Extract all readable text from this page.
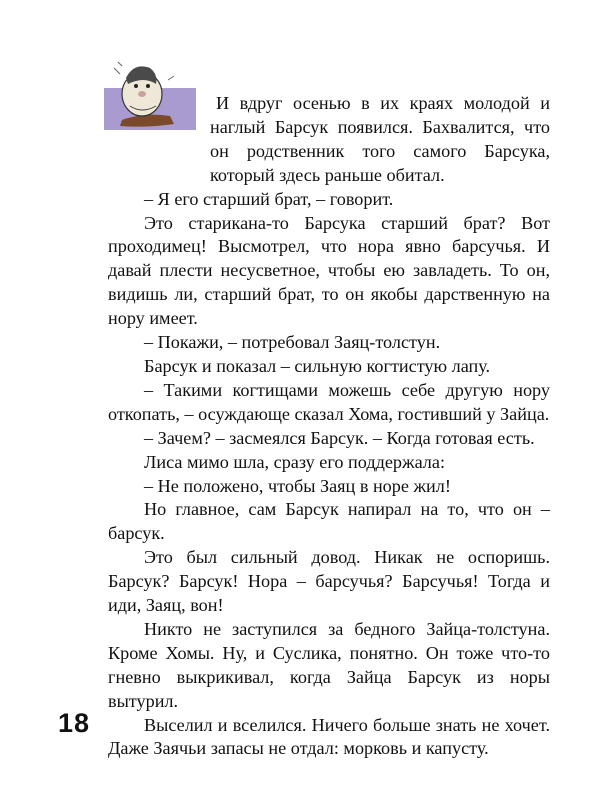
И вдруг осенью в их краях молодой и наглый Барсук появился. Бахвалится, что он родственник того самого Барсука, который здесь раньше обитал.

– Я его старший брат, – говорит.

Это старикана-то Барсука старший брат? Вот проходимец! Высмотрел, что нора явно барсучья. И давай плести несусветное, чтобы ею завладеть. То он, видишь ли, старший брат, то он якобы дарственную на нору имеет.

– Покажи, – потребовал Заяц-толстун.

Барсук и показал – сильную когтистую лапу.

– Такими когтищами можешь себе другую нору откопать, – осуждающе сказал Хома, гостивший у Зайца.

– Зачем? – засмеялся Барсук. – Когда готовая есть.

Лиса мимо шла, сразу его поддержала:

– Не положено, чтобы Заяц в норе жил!

Но главное, сам Барсук напирал на то, что он – барсук.

Это был сильный довод. Никак не оспоришь. Барсук? Барсук! Нора – барсучья? Барсучья! Тогда и иди, Заяц, вон!

Никто не заступился за бедного Зайца-толстуна. Кроме Хомы. Ну, и Суслика, понятно. Он тоже что-то гневно выкрикивал, когда Зайца Барсук из норы вытурил.

Выселил и вселился. Ничего больше знать не хочет. Даже Заячьи запасы не отдал: морковь и капусту.

18
